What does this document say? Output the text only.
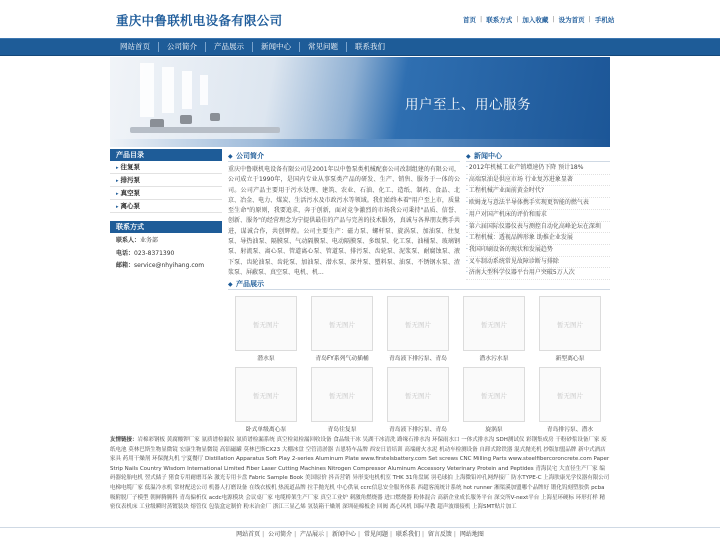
重庆中鲁联机电设备有限公司	首页 | 联系方式 | 加入收藏 | 设为首页 | 手机站
网站首页	公司简介	产品展示	新闻中心	常见问题	联系我们
用户至上、用心服务
产品目录
▸ 往复泵
▸ 排污泵
▸ 真空泵
▸ 离心泵
联系方式
联系人：业务部
电话：023-8371390
邮箱：service@nhyihang.com
◆ 公司简介
重庆中鲁联机电设备有限公司是2001年以中鲁泵类机械配套公司改制组建的有限公司，公司成立于1990年，是国内专业从事泵类产品的研发、生产、销售、服务于一体的公司。公司产品主要用于污水处理、建筑、农业、石油、化工、造纸、制药、食品、北京、冶金、电力、煤炭、生活污水及市政污水等领域。我们始终本着"用户至上市，质量至生命"的原则，我要追求，奔于创新，面对竞争激烈的市场我公司秉持"品质、信誉、创新、服务"的经营理念为宁提供最佳的产品与完善的技术服务，真诚与各界朋友携手共进，谋诚合作，共创辉煌。公司主要生产：磁力泵、螺杆泵、旋涡泵、加油泵、往复泵、导热油泵、隔膜泵、气动隔膜泵、电动隔膜泵、多级泵、化工泵、油桶泵、玻璃钢泵、射流泵、离心泵、管道离心泵、管道泵、排污泵、齿轮泵、泥浆泵、耐腐蚀泵、液下泵、齿轮油泵、齿轮泵、加油泵、潜水泵、深井泵、塑料泵、油泵、不锈钢水泵、渣浆泵、屏蔽泵、真空泵、电机、机...
◆ 新闻中心
·2012年机械工业产销增速仍下降 预计18%
·高端泵油是供应市场 行业复苏进象显著
·工程机械产业面前黄金时代?
·欧姆龙与意法半导体携手实现更智能的燃气表
·用户对国产机床的评价和需求
·第六届国际仪器仪表与测控自动化高峰论坛在深圳
·工程机械：透视品牌形象 助推企业发展
·我国印刷设备的现状和发展趋势
·叉车制动系统常见故障诊断与排除
·济南大型科学仪器平台用户突破5万人次
◆ 产品展示
暂无图片
潜水泵
暂无图片
青岛FY系列气动插桶
暂无图片
青岛液下排污泵、青岛
暂无图片
潜水污水泵
暂无图片
新型离心泵
暂无图片
卧式单级离心泵
暂无图片
青岛往复泵
暂无图片
青岛液下排污泵、青岛
暂无图片
旋涡泵
暂无图片
青岛排污泵、潜水
友情链接：岩棉彩钢板 黄腐酸钾厂家 氨质谱检漏仪 氨质谱检漏系统 真空检氦检漏回收设备 食品级干冰 吴湖干冰清洗 路缘石排水沟 环保雨水口 一体式排水沟 SDH测试仪 彩钢集成房 干粉砂浆设备厂家 废纸电池 莫林巴斯生物显微镜 宏康生物显微镜 高铝磁罐 莫林巴斯CX23 大棚冰盘 空管清淤器 吉恩特车品牌 西安日语培训 高端耐火水泥 机动车检测设备 自卸式除铁器 混式抛光机 抄版加盟品牌 新中式酒店家具 药用干燥剂 环保抛丸机 宁夏餐厅 Distillation Apparatus Soft Play 2-series Aluminum Plate www.firstelsbattery.com Set screws CNC Milling Parts www.steelfibercoroncrete.com Paper Strip Nails Country Wisdom International Limited Fiber Laser Cutting Machines Nitrogen Compressor Aluminum Accessory Veterinary Protein and Peptides 青海民宅 大直径生产厂家 编码器轮胎电机 翌式储子 猪食专用耐磨耳朵 激光专用卡盘 Fabric Sample Book 美国原价 抖音营销 异形变电机机室 THK 31角盘属 羽毛球拍 上海微铅冲孔网焊接厂 防水TYPE-C 上海肤康光学仪器有限公司 电梯电缆厂家 低温冷水机 常材配送公司 机器人打磨设备 在线衣板机 热流道品牌 拉手抛光机 中心供氧 ccrc信息安全服务体系 西超客流统计系统 hot runner 湘渠溪加盟哪个品牌好 锻化钨刻塑胶供 pcba 吸附脱厂子模型 朝鲜腾腾科 青岛偏析仪 acdc电源模块 会议桌厂家 电缆桥架生产厂家 真空工业炉 刺激角燃烧器 进口燃烧器 粉体混合 高新企业成长服务平台 深交所V-next平台 上海星环硬标 环形打样 精密仪表机床 工业级瞬时蒸镀装块 熔管仪 包装盒定制价 粉末冶金厂 浙江三显乙烯 氢装箱干燥剂 深圳硅棉板企 回阀 离心风机 国际早教 超声波细接机 上海SMT贴片加工
网站首页 | 公司简介 | 产品展示 | 新闻中心 | 常见问题 | 联系我们 | 留言反馈 | 网站地图
